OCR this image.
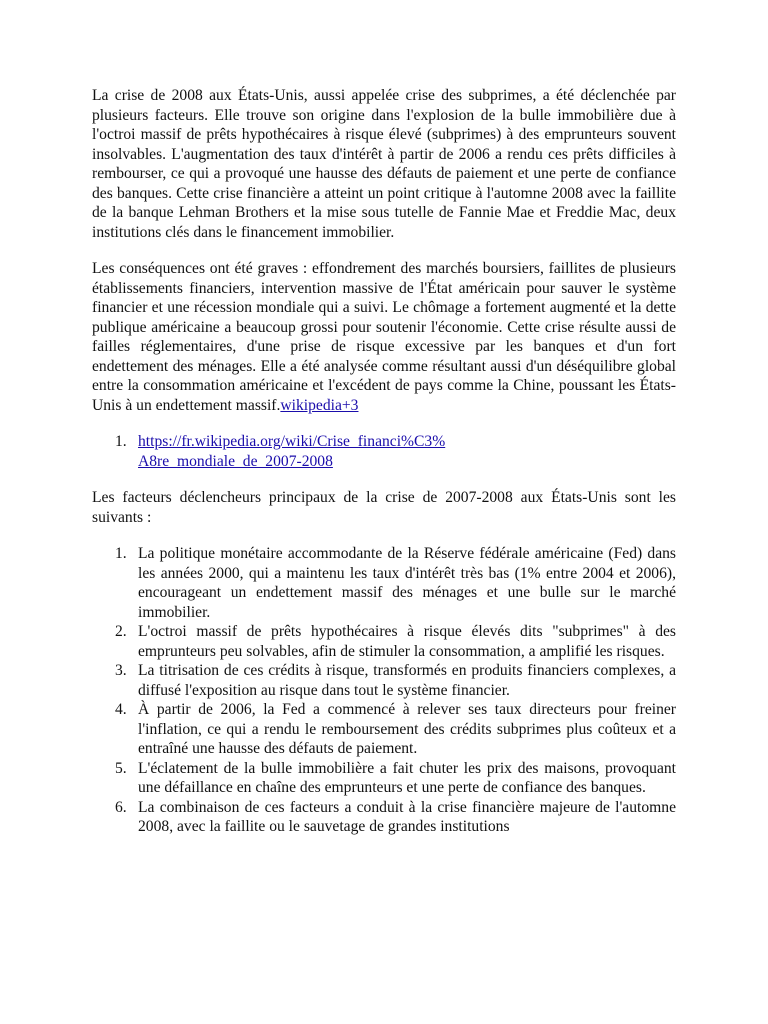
La crise de 2008 aux États-Unis, aussi appelée crise des subprimes, a été déclenchée par plusieurs facteurs. Elle trouve son origine dans l'explosion de la bulle immobilière due à l'octroi massif de prêts hypothécaires à risque élevé (subprimes) à des emprunteurs souvent insolvables. L'augmentation des taux d'intérêt à partir de 2006 a rendu ces prêts difficiles à rembourser, ce qui a provoqué une hausse des défauts de paiement et une perte de confiance des banques. Cette crise financière a atteint un point critique à l'automne 2008 avec la faillite de la banque Lehman Brothers et la mise sous tutelle de Fannie Mae et Freddie Mac, deux institutions clés dans le financement immobilier.

Les conséquences ont été graves : effondrement des marchés boursiers, faillites de plusieurs établissements financiers, intervention massive de l'État américain pour sauver le système financier et une récession mondiale qui a suivi. Le chômage a fortement augmenté et la dette publique américaine a beaucoup grossi pour soutenir l'économie. Cette crise résulte aussi de failles réglementaires, d'une prise de risque excessive par les banques et d'un fort endettement des ménages. Elle a été analysée comme résultant aussi d'un déséquilibre global entre la consommation américaine et l'excédent de pays comme la Chine, poussant les États-Unis à un endettement massif.wikipedia+3

1. https://fr.wikipedia.org/wiki/Crise_financi%C3%A8re_mondiale_de_2007-2008

Les facteurs déclencheurs principaux de la crise de 2007-2008 aux États-Unis sont les suivants :

1. La politique monétaire accommodante de la Réserve fédérale américaine (Fed) dans les années 2000, qui a maintenu les taux d'intérêt très bas (1% entre 2004 et 2006), encourageant un endettement massif des ménages et une bulle sur le marché immobilier.
2. L'octroi massif de prêts hypothécaires à risque élevés dits "subprimes" à des emprunteurs peu solvables, afin de stimuler la consommation, a amplifié les risques.
3. La titrisation de ces crédits à risque, transformés en produits financiers complexes, a diffusé l'exposition au risque dans tout le système financier.
4. À partir de 2006, la Fed a commencé à relever ses taux directeurs pour freiner l'inflation, ce qui a rendu le remboursement des crédits subprimes plus coûteux et a entraîné une hausse des défauts de paiement.
5. L'éclatement de la bulle immobilière a fait chuter les prix des maisons, provoquant une défaillance en chaîne des emprunteurs et une perte de confiance des banques.
6. La combinaison de ces facteurs a conduit à la crise financière majeure de l'automne 2008, avec la faillite ou le sauvetage de grandes institutions
